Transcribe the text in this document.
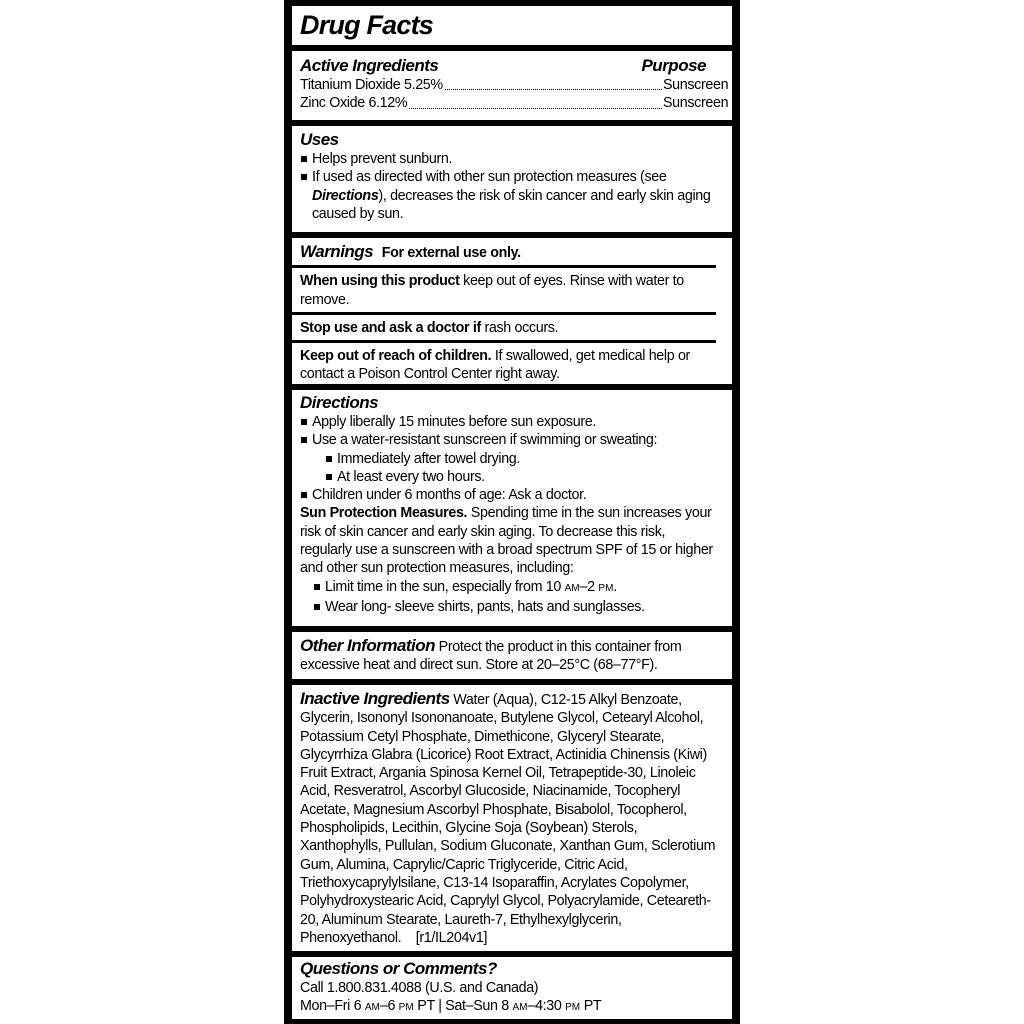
Drug Facts
Active Ingredients	Purpose
Titanium Dioxide 5.25%	Sunscreen
Zinc Oxide 6.12%	Sunscreen
Uses
Helps prevent sunburn.
If used as directed with other sun protection measures (see Directions), decreases the risk of skin cancer and early skin aging caused by sun.
Warnings For external use only.

When using this product keep out of eyes. Rinse with water to remove.

Stop use and ask a doctor if rash occurs.

Keep out of reach of children. If swallowed, get medical help or contact a Poison Control Center right away.

Directions
Apply liberally 15 minutes before sun exposure.
Use a water-resistant sunscreen if swimming or sweating:
Immediately after towel drying.
At least every two hours.
Children under 6 months of age: Ask a doctor.

Sun Protection Measures. Spending time in the sun increases your risk of skin cancer and early skin aging. To decrease this risk, regularly use a sunscreen with a broad spectrum SPF of 15 or higher and other sun protection measures, including:

Limit time in the sun, especially from 10 AM–2 PM.
Wear long- sleeve shirts, pants, hats and sunglasses.

Other Information Protect the product in this container from excessive heat and direct sun. Store at 20–25°C (68–77°F).

Inactive Ingredients Water (Aqua), C12-15 Alkyl Benzoate, Glycerin, Isononyl Isononanoate, Butylene Glycol, Cetearyl Alcohol, Potassium Cetyl Phosphate, Dimethicone, Glyceryl Stearate, Glycyrrhiza Glabra (Licorice) Root Extract, Actinidia Chinensis (Kiwi) Fruit Extract, Argania Spinosa Kernel Oil, Tetrapeptide-30, Linoleic Acid, Resveratrol, Ascorbyl Glucoside, Niacinamide, Tocopheryl Acetate, Magnesium Ascorbyl Phosphate, Bisabolol, Tocopherol, Phospholipids, Lecithin, Glycine Soja (Soybean) Sterols, Xanthophylls, Pullulan, Sodium Gluconate, Xanthan Gum, Sclerotium Gum, Alumina, Caprylic/Capric Triglyceride, Citric Acid, Triethoxycaprylylsilane, C13-14 Isoparaffin, Acrylates Copolymer, Polyhydroxystearic Acid, Caprylyl Glycol, Polyacrylamide, Ceteareth-20, Aluminum Stearate, Laureth-7, Ethylhexylglycerin, Phenoxyethanol. [r1/IL204v1]

Questions or Comments?

Call 1.800.831.4088 (U.S. and Canada)

Mon–Fri 6 AM–6 PM PT | Sat–Sun 8 AM–4:30 PM PT
